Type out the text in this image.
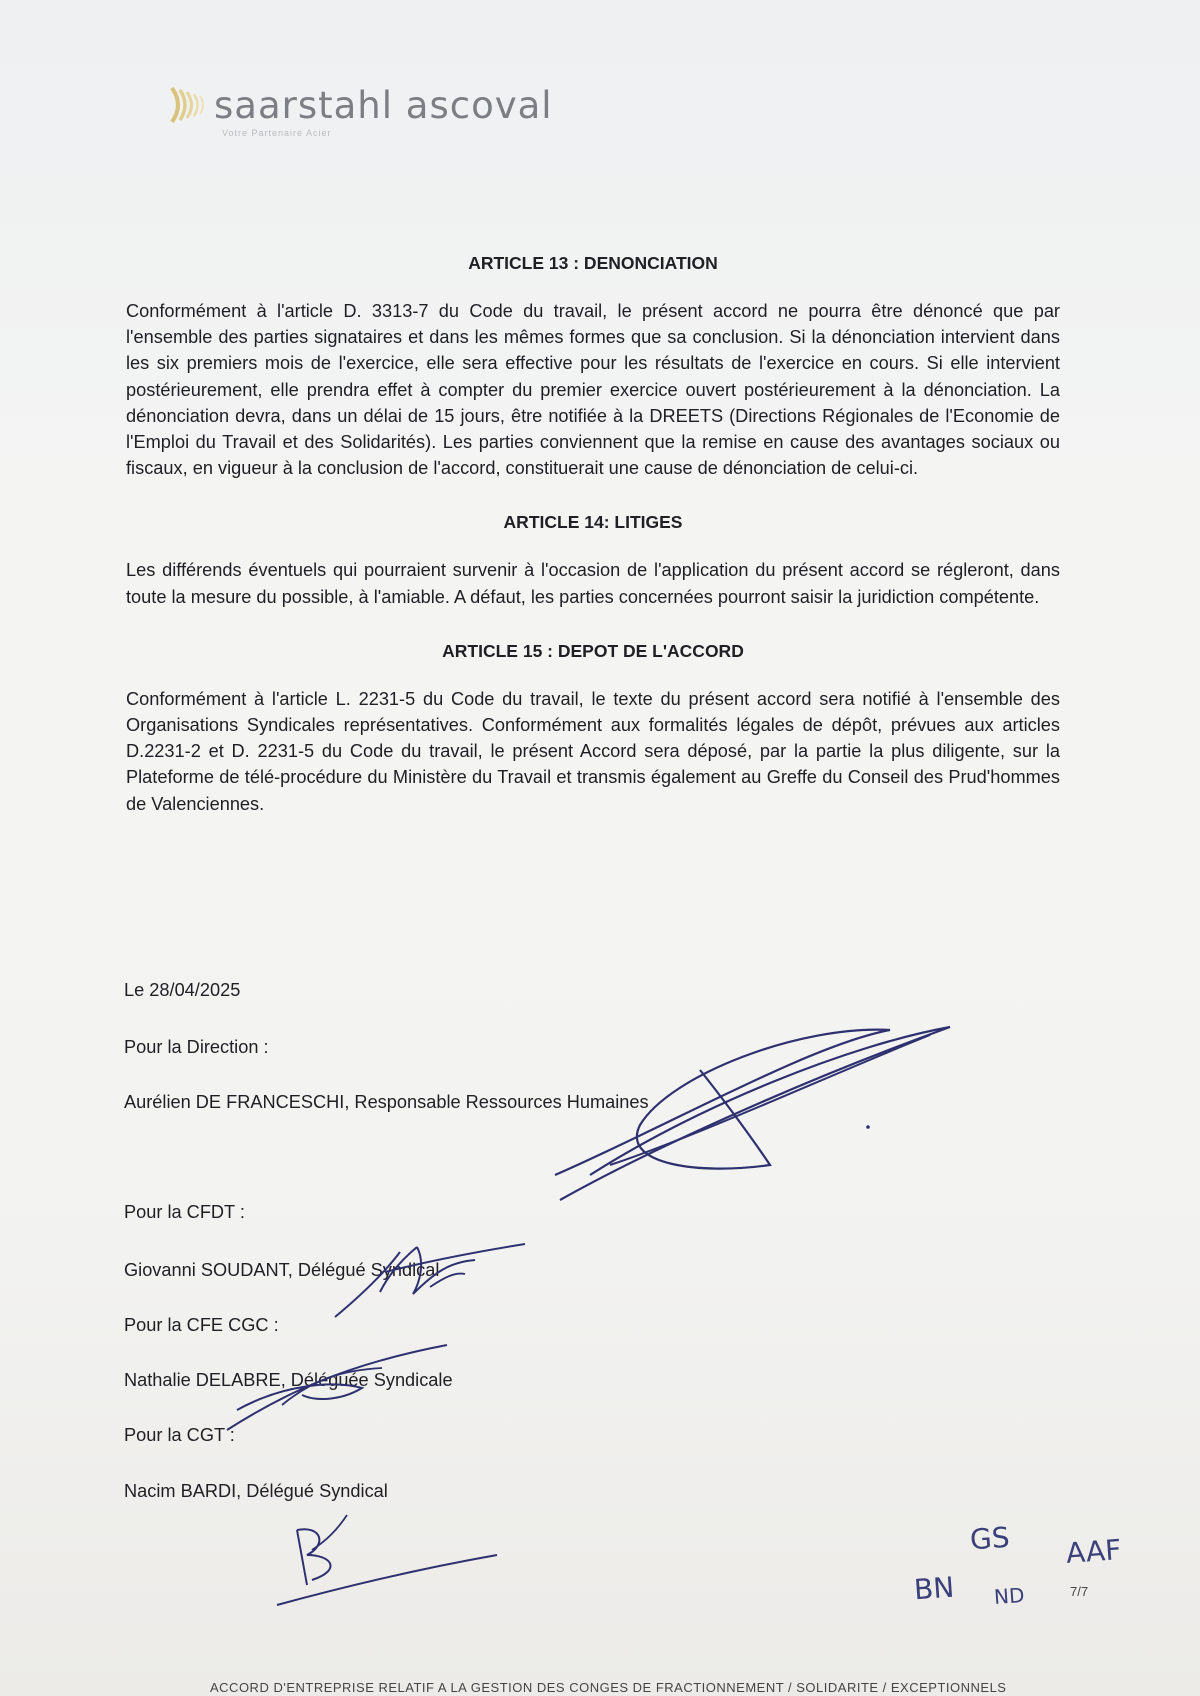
saarstahl ascoval
Votre Partenaire Acier
ARTICLE 13 : DENONCIATION

Conformément à l'article D. 3313-7 du Code du travail, le présent accord ne pourra être dénoncé que par l'ensemble des parties signataires et dans les mêmes formes que sa conclusion. Si la dénonciation intervient dans les six premiers mois de l'exercice, elle sera effective pour les résultats de l'exercice en cours. Si elle intervient postérieurement, elle prendra effet à compter du premier exercice ouvert postérieurement à la dénonciation. La dénonciation devra, dans un délai de 15 jours, être notifiée à la DREETS (Directions Régionales de l'Economie de l'Emploi du Travail et des Solidarités). Les parties conviennent que la remise en cause des avantages sociaux ou fiscaux, en vigueur à la conclusion de l'accord, constituerait une cause de dénonciation de celui-ci.

ARTICLE 14: LITIGES

Les différends éventuels qui pourraient survenir à l'occasion de l'application du présent accord se régleront, dans toute la mesure du possible, à l'amiable. A défaut, les parties concernées pourront saisir la juridiction compétente.

ARTICLE 15 : DEPOT DE L'ACCORD

Conformément à l'article L. 2231-5 du Code du travail, le texte du présent accord sera notifié à l'ensemble des Organisations Syndicales représentatives. Conformément aux formalités légales de dépôt, prévues aux articles D.2231-2 et D. 2231-5 du Code du travail, le présent Accord sera déposé, par la partie la plus diligente, sur la Plateforme de télé-procédure du Ministère du Travail et transmis également au Greffe du Conseil des Prud'hommes de Valenciennes.

Le 28/04/2025
Pour la Direction :
Aurélien DE FRANCESCHI, Responsable Ressources Humaines
Pour la CFDT :
Giovanni SOUDANT, Délégué Syndical
Pour la CFE CGC :
Nathalie DELABRE, Déléguée Syndicale
Pour la CGT :
Nacim BARDI, Délégué Syndical
GS AAF
BN ND	7/7
ACCORD D'ENTREPRISE RELATIF A LA GESTION DES CONGES DE FRACTIONNEMENT / SOLIDARITE / EXCEPTIONNELS
